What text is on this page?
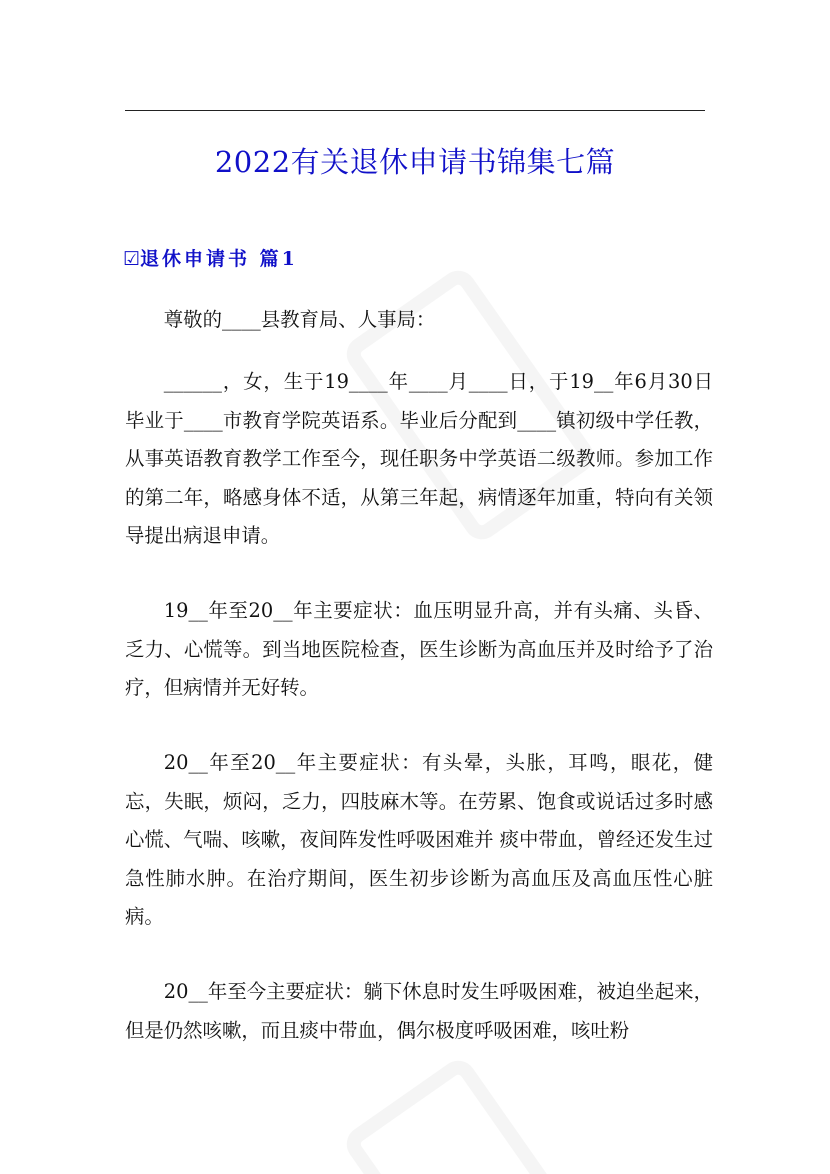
2022有关退休申请书锦集七篇
☑退休申请书 篇1

尊敬的____县教育局、人事局：

______，女，生于19____年____月____日，于19__年6月30日毕业于____市教育学院英语系。毕业后分配到____镇初级中学任教，从事英语教育教学工作至今，现任职务中学英语二级教师。参加工作的第二年，略感身体不适，从第三年起，病情逐年加重，特向有关领导提出病退申请。

19__年至20__年主要症状：血压明显升高，并有头痛、头昏、乏力、心慌等。到当地医院检查，医生诊断为高血压并及时给予了治疗，但病情并无好转。

20__年至20__年主要症状：有头晕，头胀，耳鸣，眼花，健忘，失眠，烦闷，乏力，四肢麻木等。在劳累、饱食或说话过多时感心慌、气喘、咳嗽，夜间阵发性呼吸困难并 痰中带血，曾经还发生过急性肺水肿。在治疗期间，医生初步诊断为高血压及高血压性心脏病。

20__年至今主要症状：躺下休息时发生呼吸困难，被迫坐起来，但是仍然咳嗽，而且痰中带血，偶尔极度呼吸困难，咳吐粉
